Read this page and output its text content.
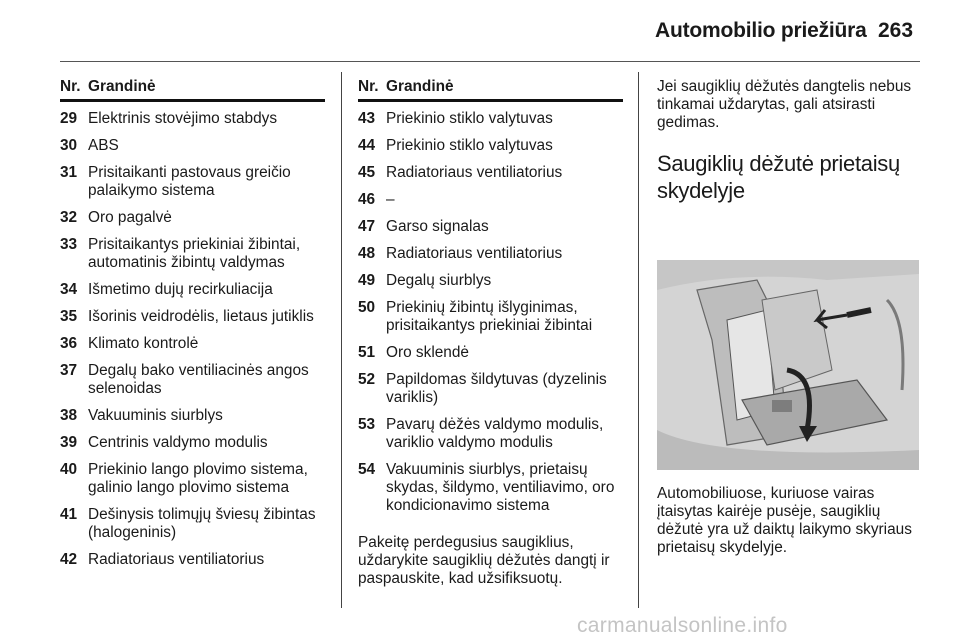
Automobilio priežiūra 263
Nr. Grandinė
29 Elektrinis stovėjimo stabdys
30 ABS
31 Prisitaikanti pastovaus greičio palaikymo sistema
32 Oro pagalvė
33 Prisitaikantys priekiniai žibintai, automatinis žibintų valdymas
34 Išmetimo dujų recirkuliacija
35 Išorinis veidrodėlis, lietaus jutiklis
36 Klimato kontrolė
37 Degalų bako ventiliacinės angos selenoidas
38 Vakuuminis siurblys
39 Centrinis valdymo modulis
40 Priekinio lango plovimo sistema, galinio lango plovimo sistema
41 Dešinysis tolimųjų šviesų žibintas (halogeninis)
42 Radiatoriaus ventiliatorius
Nr. Grandinė
43 Priekinio stiklo valytuvas
44 Priekinio stiklo valytuvas
45 Radiatoriaus ventiliatorius
46 –
47 Garso signalas
48 Radiatoriaus ventiliatorius
49 Degalų siurblys
50 Priekinių žibintų išlyginimas, prisitaikantys priekiniai žibintai
51 Oro sklendė
52 Papildomas šildytuvas (dyzelinis variklis)
53 Pavarų dėžės valdymo modulis, variklio valdymo modulis
54 Vakuuminis siurblys, prietaisų skydas, šildymo, ventiliavimo, oro kondicionavimo sistema
Pakeitę perdegusius saugiklius, uždarykite saugiklių dėžutės dangtį ir paspauskite, kad užsifiksuotų.
Jei saugiklių dėžutės dangtelis nebus tinkamai uždarytas, gali atsirasti gedimas.
Saugiklių dėžutė prietaisų skydelyje
Automobiliuose, kuriuose vairas įtaisytas kairėje pusėje, saugiklių dėžutė yra už daiktų laikymo skyriaus prietaisų skydelyje.
carmanualsonline.info
